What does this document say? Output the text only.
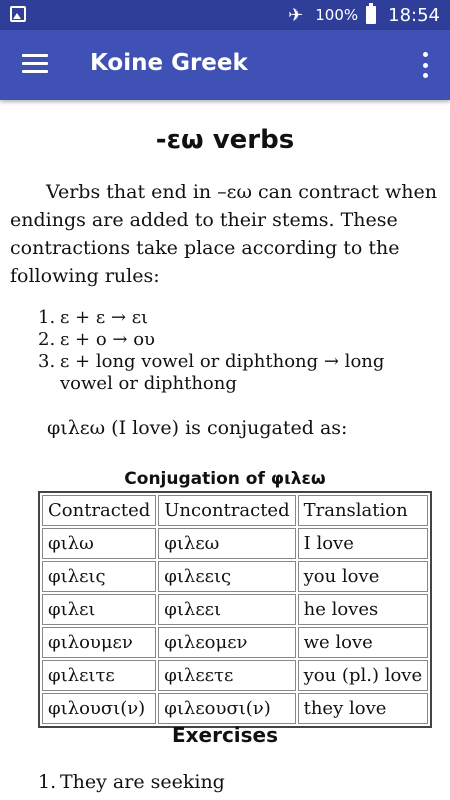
✈ 100% 18:54
Koine Greek
-εω verbs

Verbs that end in –εω can contract when endings are added to their stems. These contractions take place according to the following rules:

1. ε + ε → ει
2. ε + ο → ου
3. ε + long vowel or diphthong → long vowel or diphthong

φιλεω (I love) is conjugated as:

Conjugation of φιλεω
Contracted	Uncontracted	Translation
φιλω	φιλεω	I love
φιλεις	φιλεεις	you love
φιλει	φιλεει	he loves
φιλουμεν	φιλεομεν	we love
φιλειτε	φιλεετε	you (pl.) love
φιλουσι(ν)	φιλεουσι(ν)	they love
Exercises
1. They are seeking
